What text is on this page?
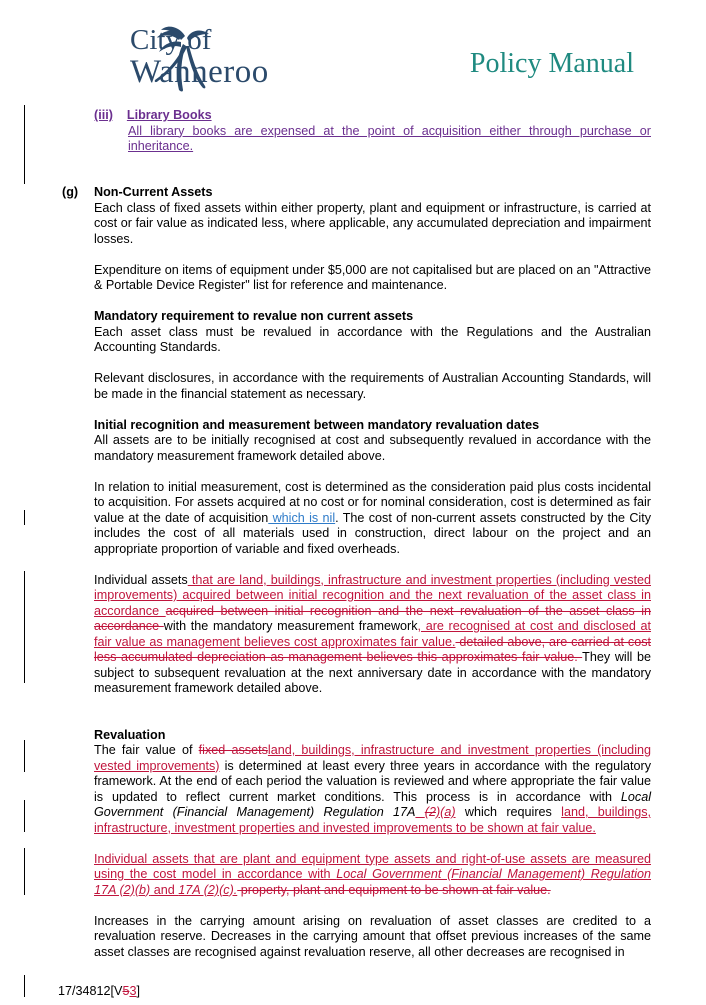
City of
Wanneroo	Policy Manual

(iii) Library Books

All library books are expensed at the point of acquisition either through purchase or inheritance.

(g) Non-Current Assets

Each class of fixed assets within either property, plant and equipment or infrastructure, is carried at cost or fair value as indicated less, where applicable, any accumulated depreciation and impairment losses.

Expenditure on items of equipment under $5,000 are not capitalised but are placed on an "Attractive & Portable Device Register" list for reference and maintenance.

Mandatory requirement to revalue non current assets

Each asset class must be revalued in accordance with the Regulations and the Australian Accounting Standards.

Relevant disclosures, in accordance with the requirements of Australian Accounting Standards, will be made in the financial statement as necessary.

Initial recognition and measurement between mandatory revaluation dates

All assets are to be initially recognised at cost and subsequently revalued in accordance with the mandatory measurement framework detailed above.

In relation to initial measurement, cost is determined as the consideration paid plus costs incidental to acquisition. For assets acquired at no cost or for nominal consideration, cost is determined as fair value at the date of acquisition which is nil. The cost of non-current assets constructed by the City includes the cost of all materials used in construction, direct labour on the project and an appropriate proportion of variable and fixed overheads.

Individual assets that are land, buildings, infrastructure and investment properties (including vested improvements) acquired between initial recognition and the next revaluation of the asset class in accordance acquired between initial recognition and the next revaluation of the asset class in accordance with the mandatory measurement framework, are recognised at cost and disclosed at fair value as management believes cost approximates fair value. detailed above, are carried at cost less accumulated depreciation as management believes this approximates fair value. They will be subject to subsequent revaluation at the next anniversary date in accordance with the mandatory measurement framework detailed above.

Revaluation

The fair value of fixed assetsland, buildings, infrastructure and investment properties (including vested improvements) is determined at least every three years in accordance with the regulatory framework. At the end of each period the valuation is reviewed and where appropriate the fair value is updated to reflect current market conditions. This process is in accordance with Local Government (Financial Management) Regulation 17A (2)(a) which requires land, buildings, infrastructure, investment properties and invested improvements to be shown at fair value.

Individual assets that are plant and equipment type assets and right-of-use assets are measured using the cost model in accordance with Local Government (Financial Management) Regulation 17A (2)(b) and 17A (2)(c). property, plant and equipment to be shown at fair value.

Increases in the carrying amount arising on revaluation of asset classes are credited to a revaluation reserve. Decreases in the carrying amount that offset previous increases of the same asset classes are recognised against revaluation reserve, all other decreases are recognised in

17/34812[V53]
